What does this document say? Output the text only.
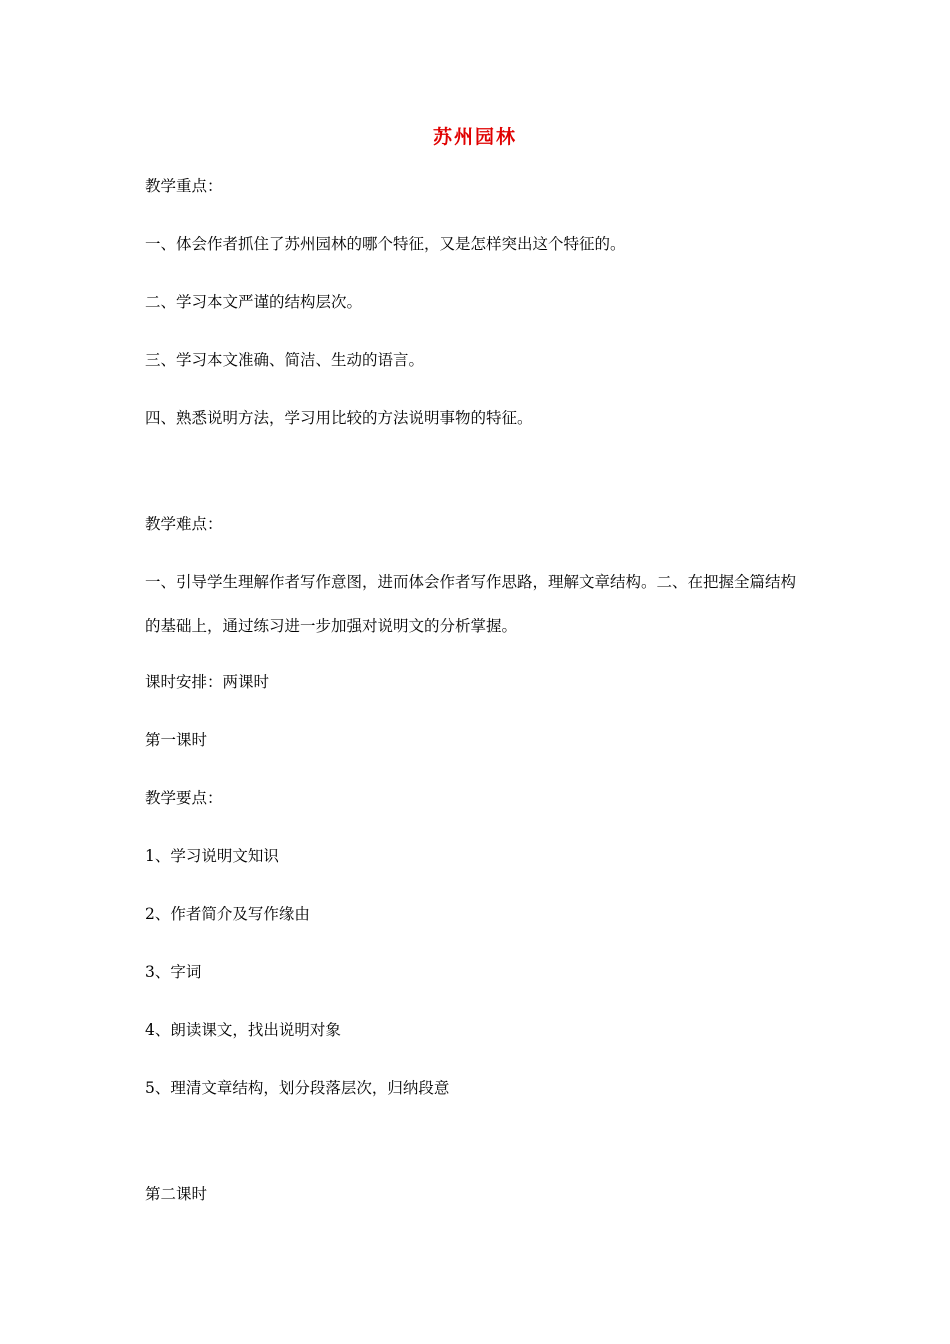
苏州园林
教学重点：
一、体会作者抓住了苏州园林的哪个特征，又是怎样突出这个特征的。
二、学习本文严谨的结构层次。
三、学习本文准确、简洁、生动的语言。
四、熟悉说明方法，学习用比较的方法说明事物的特征。
教学难点：
一、引导学生理解作者写作意图，进而体会作者写作思路，理解文章结构。二、在把握全篇结构的基础上，通过练习进一步加强对说明文的分析掌握。
课时安排：两课时
第一课时
教学要点：
1、学习说明文知识
2、作者简介及写作缘由
3、字词
4、朗读课文，找出说明对象
5、理清文章结构，划分段落层次，归纳段意
第二课时
